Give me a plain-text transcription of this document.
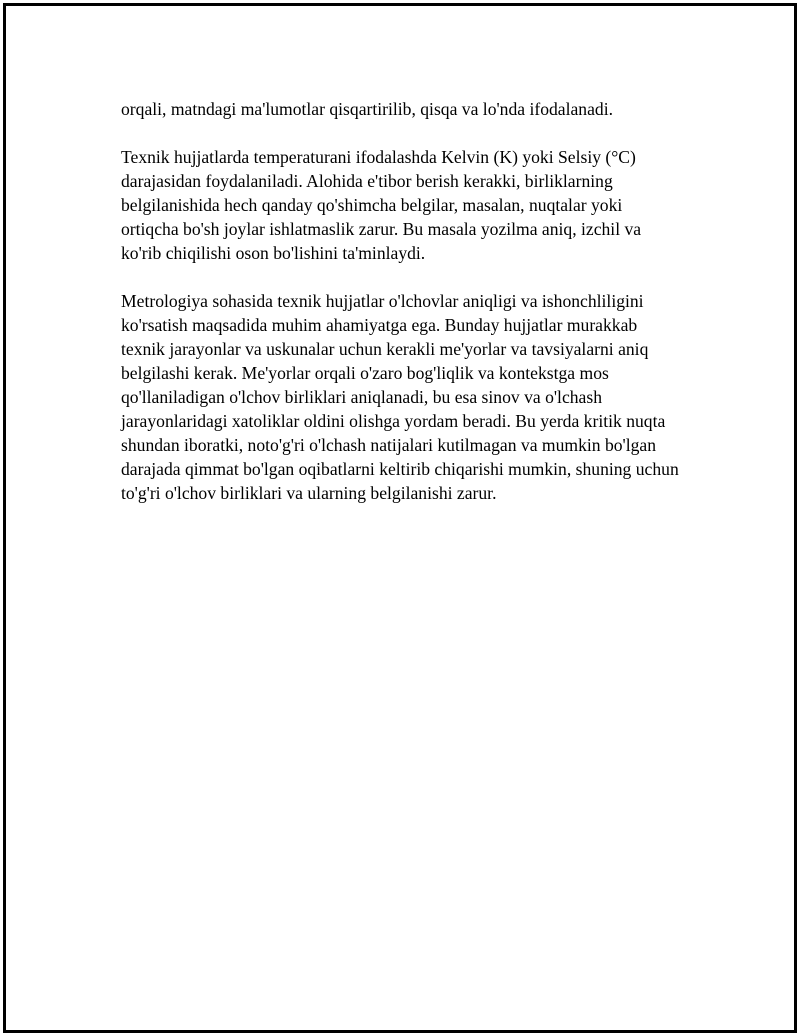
orqali, matndagi ma'lumotlar qisqartirilib, qisqa va lo'nda ifodalanadi.

Texnik hujjatlarda temperaturani ifodalashda Kelvin (K) yoki Selsiy (°C) darajasidan foydalaniladi. Alohida e'tibor berish kerakki, birliklarning belgilanishida hech qanday qo'shimcha belgilar, masalan, nuqtalar yoki ortiqcha bo'sh joylar ishlatmaslik zarur. Bu masala yozilma aniq, izchil va ko'rib chiqilishi oson bo'lishini ta'minlaydi.

Metrologiya sohasida texnik hujjatlar o'lchovlar aniqligi va ishonchliligini ko'rsatish maqsadida muhim ahamiyatga ega. Bunday hujjatlar murakkab texnik jarayonlar va uskunalar uchun kerakli me'yorlar va tavsiyalarni aniq belgilashi kerak. Me'yorlar orqali o'zaro bog'liqlik va kontekstga mos qo'llaniladigan o'lchov birliklari aniqlanadi, bu esa sinov va o'lchash jarayonlaridagi xatoliklar oldini olishga yordam beradi. Bu yerda kritik nuqta shundan iboratki, noto'g'ri o'lchash natijalari kutilmagan va mumkin bo'lgan darajada qimmat bo'lgan oqibatlarni keltirib chiqarishi mumkin, shuning uchun to'g'ri o'lchov birliklari va ularning belgilanishi zarur.
